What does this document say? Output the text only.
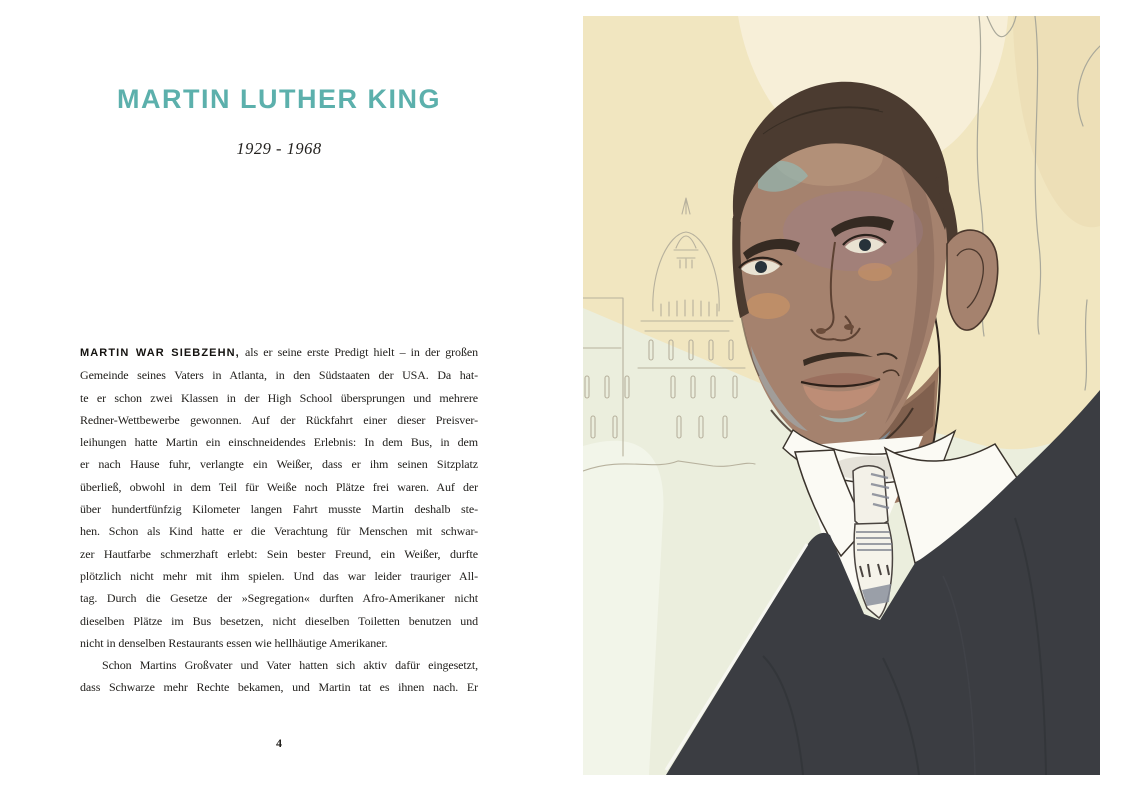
MARTIN LUTHER KING
1929 - 1968
MARTIN WAR SIEBZEHN, als er seine erste Predigt hielt – in der großen
Gemeinde seines Vaters in Atlanta, in den Südstaaten der USA. Da hat-
te er schon zwei Klassen in der High School übersprungen und mehrere
Redner-Wettbewerbe gewonnen. Auf der Rückfahrt einer dieser Preisver-
leihungen hatte Martin ein einschneidendes Erlebnis: In dem Bus, in dem
er nach Hause fuhr, verlangte ein Weißer, dass er ihm seinen Sitzplatz
überließ, obwohl in dem Teil für Weiße noch Plätze frei waren. Auf der
über hundertfünfzig Kilometer langen Fahrt musste Martin deshalb ste-
hen. Schon als Kind hatte er die Verachtung für Menschen mit schwar-
zer Hautfarbe schmerzhaft erlebt: Sein bester Freund, ein Weißer, durfte
plötzlich nicht mehr mit ihm spielen. Und das war leider trauriger All-
tag. Durch die Gesetze der »Segregation« durften Afro-Amerikaner nicht
dieselben Plätze im Bus besetzen, nicht dieselben Toiletten benutzen und
nicht in denselben Restaurants essen wie hellhäutige Amerikaner.
Schon Martins Großvater und Vater hatten sich aktiv dafür eingesetzt,
dass Schwarze mehr Rechte bekamen, und Martin tat es ihnen nach. Er
4
